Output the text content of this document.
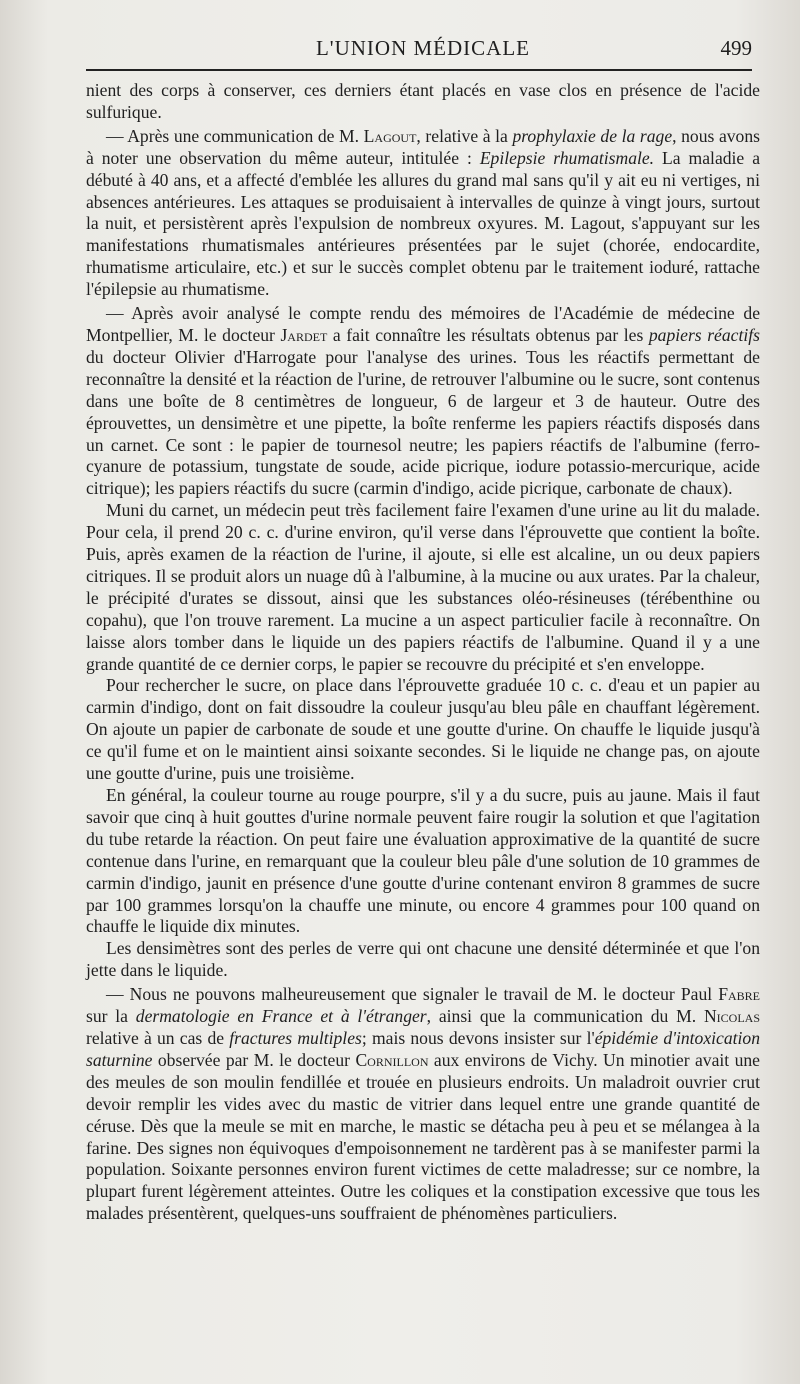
L'UNION MÉDICALE	499

nient des corps à conserver, ces derniers étant placés en vase clos en présence de l'acide sulfurique.

— Après une communication de M. Lagout, relative à la prophylaxie de la rage, nous avons à noter une observation du même auteur, intitulée : Epilepsie rhumatismale. La maladie a débuté à 40 ans, et a affecté d'emblée les allures du grand mal sans qu'il y ait eu ni vertiges, ni absences antérieures. Les attaques se produisaient à intervalles de quinze à vingt jours, surtout la nuit, et persistèrent après l'expulsion de nombreux oxyures. M. Lagout, s'appuyant sur les manifestations rhumatismales antérieures présentées par le sujet (chorée, endocardite, rhumatisme articulaire, etc.) et sur le succès complet obtenu par le traitement ioduré, rattache l'épilepsie au rhumatisme.

— Après avoir analysé le compte rendu des mémoires de l'Académie de médecine de Montpellier, M. le docteur Jardet a fait connaître les résultats obtenus par les papiers réactifs du docteur Olivier d'Harrogate pour l'analyse des urines. Tous les réactifs permettant de reconnaître la densité et la réaction de l'urine, de retrouver l'albumine ou le sucre, sont contenus dans une boîte de 8 centimètres de longueur, 6 de largeur et 3 de hauteur. Outre des éprouvettes, un densimètre et une pipette, la boîte renferme les papiers réactifs disposés dans un carnet. Ce sont : le papier de tournesol neutre; les papiers réactifs de l'albumine (ferro-cyanure de potassium, tungstate de soude, acide picrique, iodure potassio-mercurique, acide citrique); les papiers réactifs du sucre (carmin d'indigo, acide picrique, carbonate de chaux).

Muni du carnet, un médecin peut très facilement faire l'examen d'une urine au lit du malade. Pour cela, il prend 20 c. c. d'urine environ, qu'il verse dans l'éprouvette que contient la boîte. Puis, après examen de la réaction de l'urine, il ajoute, si elle est alcaline, un ou deux papiers citriques. Il se produit alors un nuage dû à l'albumine, à la mucine ou aux urates. Par la chaleur, le précipité d'urates se dissout, ainsi que les substances oléo-résineuses (térébenthine ou copahu), que l'on trouve rarement. La mucine a un aspect particulier facile à reconnaître. On laisse alors tomber dans le liquide un des papiers réactifs de l'albumine. Quand il y a une grande quantité de ce dernier corps, le papier se recouvre du précipité et s'en enveloppe.

Pour rechercher le sucre, on place dans l'éprouvette graduée 10 c. c. d'eau et un papier au carmin d'indigo, dont on fait dissoudre la couleur jusqu'au bleu pâle en chauffant légèrement. On ajoute un papier de carbonate de soude et une goutte d'urine. On chauffe le liquide jusqu'à ce qu'il fume et on le maintient ainsi soixante secondes. Si le liquide ne change pas, on ajoute une goutte d'urine, puis une troisième.

En général, la couleur tourne au rouge pourpre, s'il y a du sucre, puis au jaune. Mais il faut savoir que cinq à huit gouttes d'urine normale peuvent faire rougir la solution et que l'agitation du tube retarde la réaction. On peut faire une évaluation approximative de la quantité de sucre contenue dans l'urine, en remarquant que la couleur bleu pâle d'une solution de 10 grammes de carmin d'indigo, jaunit en présence d'une goutte d'urine contenant environ 8 grammes de sucre par 100 grammes lorsqu'on la chauffe une minute, ou encore 4 grammes pour 100 quand on chauffe le liquide dix minutes.

Les densimètres sont des perles de verre qui ont chacune une densité déterminée et que l'on jette dans le liquide.

— Nous ne pouvons malheureusement que signaler le travail de M. le docteur Paul Fabre sur la dermatologie en France et à l'étranger, ainsi que la communication du M. Nicolas relative à un cas de fractures multiples; mais nous devons insister sur l'épidémie d'intoxication saturnine observée par M. le docteur Cornillon aux environs de Vichy. Un minotier avait une des meules de son moulin fendillée et trouée en plusieurs endroits. Un maladroit ouvrier crut devoir remplir les vides avec du mastic de vitrier dans lequel entre une grande quantité de céruse. Dès que la meule se mit en marche, le mastic se détacha peu à peu et se mélangea à la farine. Des signes non équivoques d'empoisonnement ne tardèrent pas à se manifester parmi la population. Soixante personnes environ furent victimes de cette maladresse; sur ce nombre, la plupart furent légèrement atteintes. Outre les coliques et la constipation excessive que tous les malades présentèrent, quelques-uns souffraient de phénomènes particuliers.
